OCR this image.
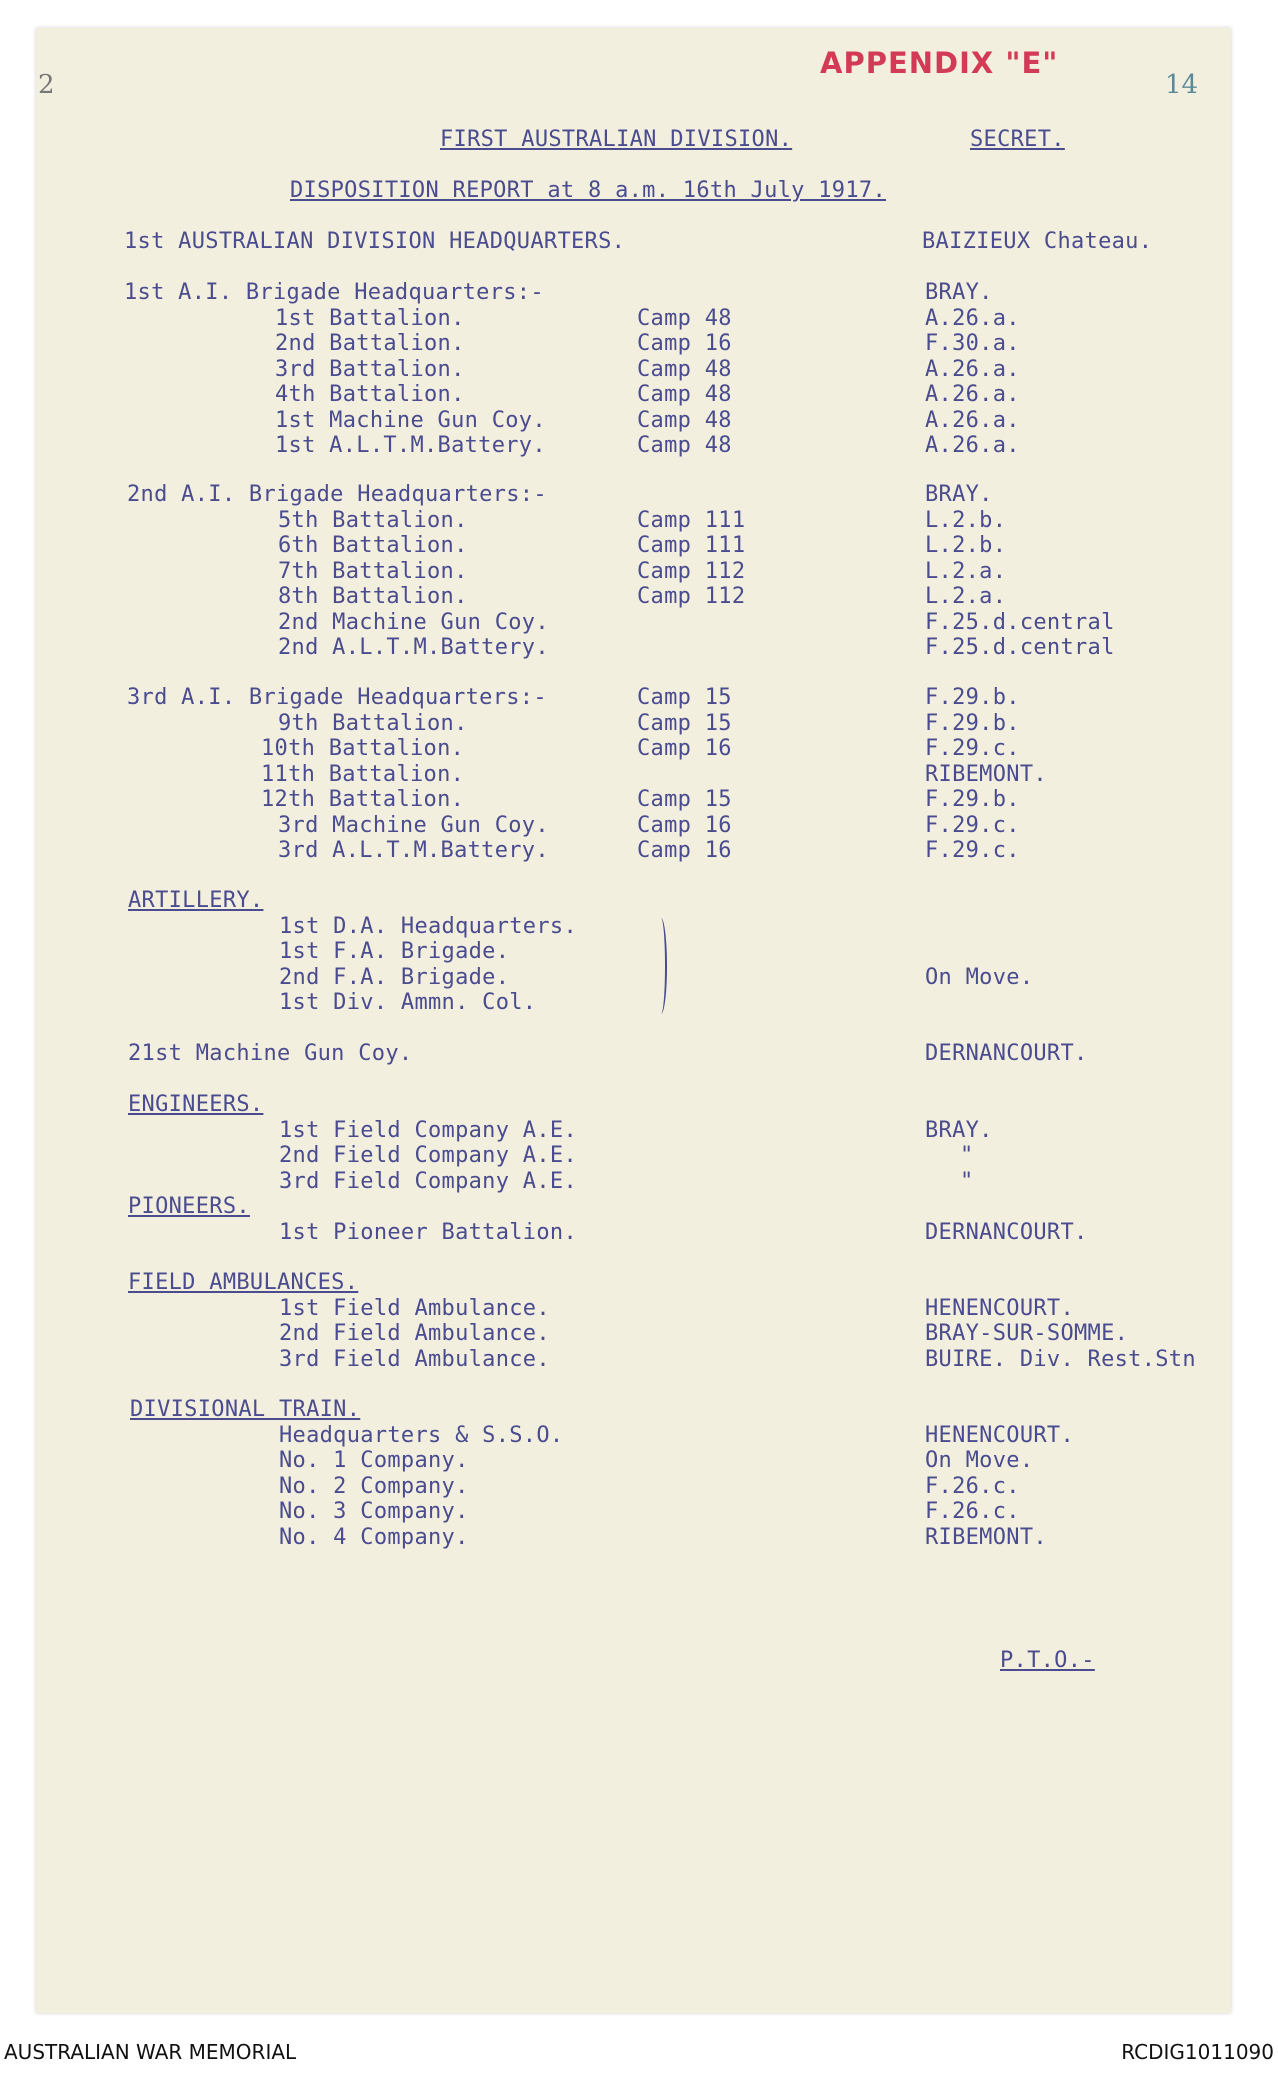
FIRST AUSTRALIAN DIVISION.	SECRET.
DISPOSITION REPORT at 8 a.m. 16th July 1917.
1st AUSTRALIAN DIVISION HEADQUARTERS.	BAIZIEUX Chateau.
1st A.I. Brigade Headquarters:-	BRAY.
1st Battalion.	Camp 48	A.26.a.
2nd Battalion.	Camp 16	F.30.a.
3rd Battalion.	Camp 48	A.26.a.
4th Battalion.	Camp 48	A.26.a.
1st Machine Gun Coy.	Camp 48	A.26.a.
1st A.L.T.M.Battery.	Camp 48	A.26.a.
2nd A.I. Brigade Headquarters:-	BRAY.
5th Battalion.	Camp 111	L.2.b.
6th Battalion.	Camp 111	L.2.b.
7th Battalion.	Camp 112	L.2.a.
8th Battalion.	Camp 112	L.2.a.
2nd Machine Gun Coy.	F.25.d.central
2nd A.L.T.M.Battery.	F.25.d.central
3rd A.I. Brigade Headquarters:-	Camp 15	F.29.b.
9th Battalion.	Camp 15	F.29.b.
10th Battalion.	Camp 16	F.29.c.
11th Battalion.	RIBEMONT.
12th Battalion.	Camp 15	F.29.b.
3rd Machine Gun Coy.	Camp 16	F.29.c.
3rd A.L.T.M.Battery.	Camp 16	F.29.c.
ARTILLERY.
1st D.A. Headquarters.
1st F.A. Brigade.
2nd F.A. Brigade.
1st Div. Ammn. Col.
On Move.
21st Machine Gun Coy.	DERNANCOURT.
ENGINEERS.
1st Field Company A.E.	BRAY.
2nd Field Company A.E.	"
3rd Field Company A.E.	"
PIONEERS.
1st Pioneer Battalion.	DERNANCOURT.
FIELD AMBULANCES.
1st Field Ambulance.	HENENCOURT.
2nd Field Ambulance.	BRAY-SUR-SOMME.
3rd Field Ambulance.	BUIRE. Div. Rest.Stn
DIVISIONAL TRAIN.
Headquarters & S.S.O.	HENENCOURT.
No. 1 Company.	On Move.
No. 2 Company.	F.26.c.
No. 3 Company.	F.26.c.
No. 4 Company.	RIBEMONT.
P.T.O.-
APPENDIX "E"
14
2
AUSTRALIAN WAR MEMORIAL	RCDIG1011090
